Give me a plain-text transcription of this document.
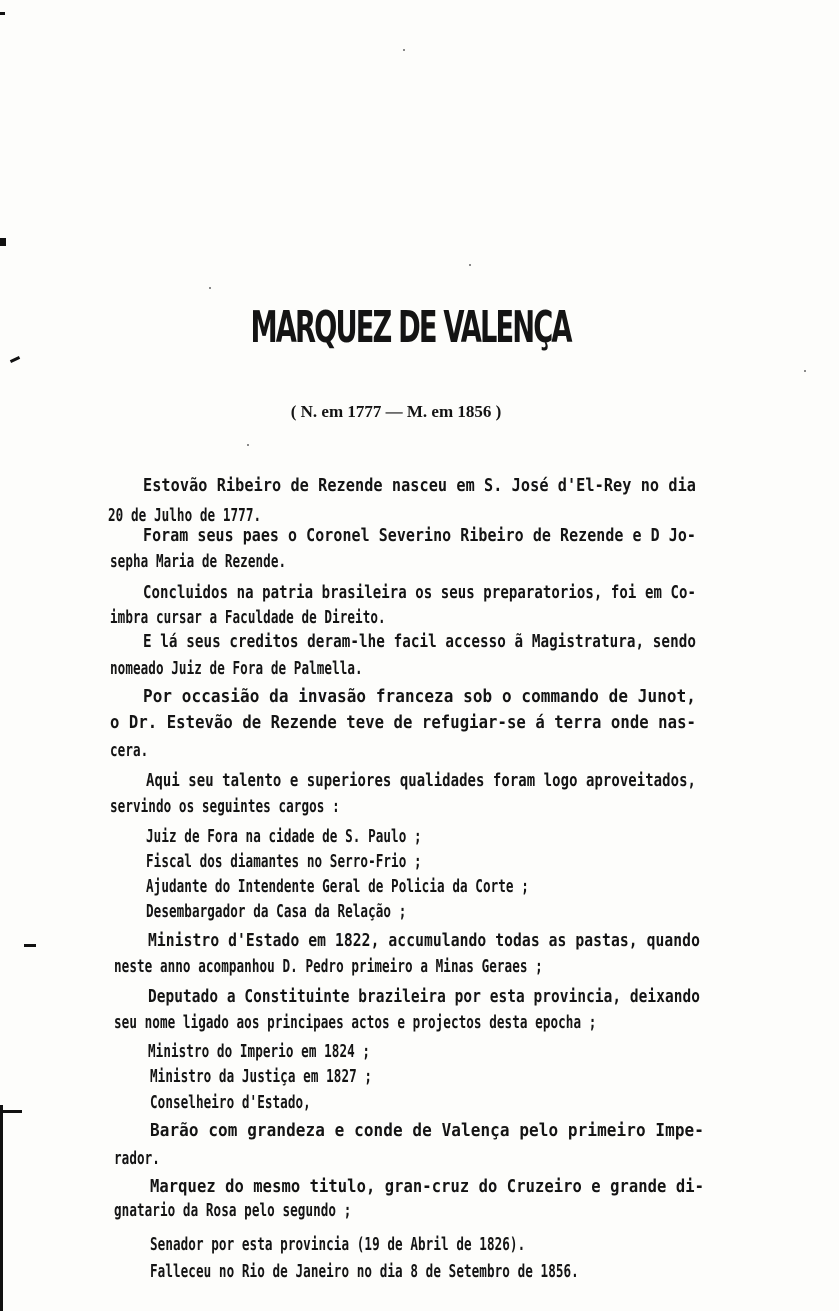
MARQUEZ DE VALENÇA
( N. em 1777 — M. em 1856 )
Estovão Ribeiro de Rezende nasceu em S. José d'El-Rey no dia
20 de Julho de 1777.
Foram seus paes o Coronel Severino Ribeiro de Rezende e D Jo-
sepha Maria de Rezende.
Concluidos na patria brasileira os seus preparatorios, foi em Co-
imbra cursar a Faculdade de Direito.
E lá seus creditos deram-lhe facil accesso ã Magistratura, sendo
nomeado Juiz de Fora de Palmella.
Por occasião da invasão franceza sob o commando de Junot,
o Dr. Estevão de Rezende teve de refugiar-se á terra onde nas-
cera.
Aqui seu talento e superiores qualidades foram logo aproveitados,
servindo os seguintes cargos :
Juiz de Fora na cidade de S. Paulo ;
Fiscal dos diamantes no Serro-Frio ;
Ajudante do Intendente Geral de Policia da Corte ;
Desembargador da Casa da Relação ;
Ministro d'Estado em 1822, accumulando todas as pastas, quando
neste anno acompanhou D. Pedro primeiro a Minas Geraes ;
Deputado a Constituinte brazileira por esta provincia, deixando
seu nome ligado aos principaes actos e projectos desta epocha ;
Ministro do Imperio em 1824 ;
Ministro da Justiça em 1827 ;
Conselheiro d'Estado,
Barão com grandeza e conde de Valença pelo primeiro Impe-
rador.
Marquez do mesmo titulo, gran-cruz do Cruzeiro e grande di-
gnatario da Rosa pelo segundo ;
Senador por esta provincia (19 de Abril de 1826).
Falleceu no Rio de Janeiro no dia 8 de Setembro de 1856.
